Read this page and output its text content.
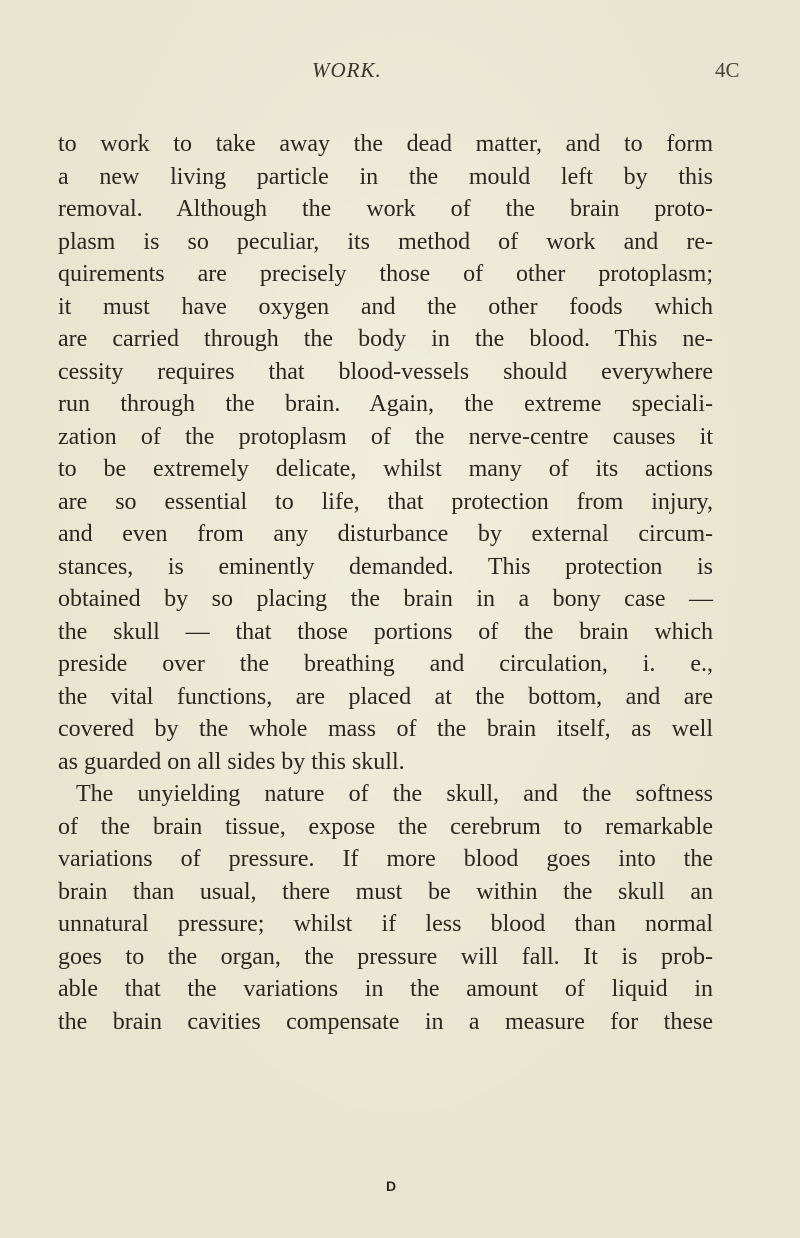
WORK.	4C
to work to take away the dead matter, and to form
a new living particle in the mould left by this
removal. Although the work of the brain proto-
plasm is so peculiar, its method of work and re-
quirements are precisely those of other protoplasm;
it must have oxygen and the other foods which
are carried through the body in the blood. This ne-
cessity requires that blood-vessels should everywhere
run through the brain. Again, the extreme speciali-
zation of the protoplasm of the nerve-centre causes it
to be extremely delicate, whilst many of its actions
are so essential to life, that protection from injury,
and even from any disturbance by external circum-
stances, is eminently demanded. This protection is
obtained by so placing the brain in a bony case —
the skull — that those portions of the brain which
preside over the breathing and circulation, i. e.,
the vital functions, are placed at the bottom, and are
covered by the whole mass of the brain itself, as well
as guarded on all sides by this skull.
The unyielding nature of the skull, and the softness
of the brain tissue, expose the cerebrum to remarkable
variations of pressure. If more blood goes into the
brain than usual, there must be within the skull an
unnatural pressure; whilst if less blood than normal
goes to the organ, the pressure will fall. It is prob-
able that the variations in the amount of liquid in
the brain cavities compensate in a measure for these
D
